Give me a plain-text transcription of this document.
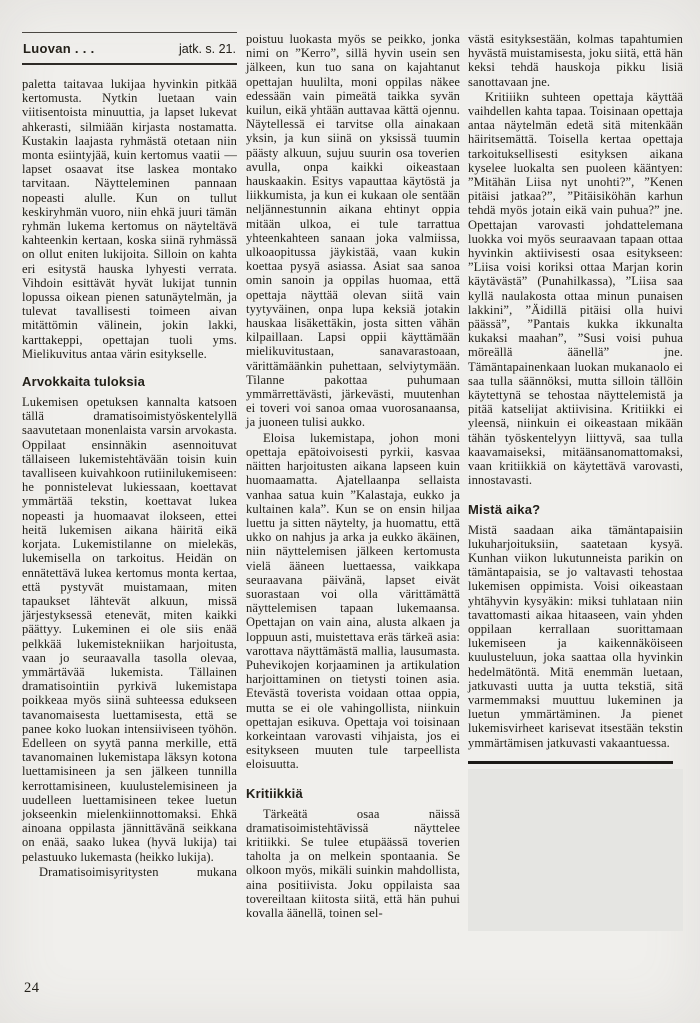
Luovan . . .	jatk. s. 21.

paletta taitavaa lukijaa hyvinkin pitkää kertomusta. Nytkin luetaan vain viitisentoista minuuttia, ja lapset lukevat ahkerasti, silmiään kirjasta nostamatta. Kustakin laajasta ryhmästä otetaan niin monta esiintyjää, kuin kertomus vaatii — lapset osaavat itse laskea montako tarvitaan. Näytteleminen pannaan nopeasti alulle. Kun on tullut keskiryhmän vuoro, niin ehkä juuri tämän ryhmän lukema kertomus on näyteltävä kahteenkin kertaan, koska siinä ryhmässä on ollut eniten lukijoita. Silloin on kahta eri esitystä hauska lyhyesti verrata. Vihdoin esittävät hyvät lukijat tunnin lopussa oikean pienen satunäytelmän, ja tulevat tavallisesti toimeen aivan mitättömin välinein, jokin lakki, karttakeppi, opettajan tuoli yms. Mielikuvitus antaa värin esitykselle.

Arvokkaita tuloksia

Lukemisen opetuksen kannalta katsoen tällä dramatisoimistyöskentelyllä saavutetaan monenlaista varsin arvokasta. Oppilaat ensinnäkin asennoituvat tällaiseen lukemistehtävään toisin kuin tavalliseen kuivahkoon rutiinilukemiseen: he ponnistelevat lukiessaan, koettavat ymmärtää tekstin, koettavat lukea nopeasti ja huomaavat ilokseen, ettei heitä lukemisen aikana häiritä eikä korjata. Lukemistilanne on mielekäs, lukemisella on tarkoitus. Heidän on ennätettävä lukea kertomus monta kertaa, että pystyvät muistamaan, miten tapaukset lähtevät alkuun, missä järjestyksessä etenevät, miten kaikki päättyy. Lukeminen ei ole siis enää pelkkää lukemistekniikan harjoitusta, vaan jo seuraavalla tasolla olevaa, ymmärtävää lukemista. Tällainen dramatisointiin pyrkivä lukemistapa poikkeaa myös siinä suhteessa edukseen tavanomaisesta luettamisesta, että se panee koko luokan intensiiviseen työhön. Edelleen on syytä panna merkille, että tavanomainen lukemistapa läksyn kotona luettamisineen ja sen jälkeen tunnilla kerrottamisineen, kuulustelemisineen ja uudelleen luettamisineen tekee luetun jokseenkin mielenkiinnottomaksi. Ehkä ainoana oppilasta jännittävänä seikkana on enää, saako lukea (hyvä lukija) tai pelastuuko lukemasta (heikko lukija).

Dramatisoimisyritysten mukana

poistuu luokasta myös se peikko, jonka nimi on ”Kerro”, sillä hyvin usein sen jälkeen, kun tuo sana on kajahtanut opettajan huulilta, moni oppilas näkee edessään vain pimeätä taikka syvän kuilun, eikä yhtään auttavaa kättä ojennu. Näytellessä ei tarvitse olla ainakaan yksin, ja kun siinä on yksissä tuumin päästy alkuun, sujuu suurin osa toverien avulla, onpa kaikki oikeastaan hauskaakin. Esitys vapauttaa käytöstä ja liikkumista, ja kun ei kukaan ole sentään neljännestunnin aikana ehtinyt oppia mitään ulkoa, ei tule tarrattua yhteenkahteen sanaan joka valmiissa, ulkoaopitussa jäykistää, vaan kukin koettaa pysyä asiassa. Asiat saa sanoa omin sanoin ja oppilas huomaa, että opettaja näyttää olevan siitä vain tyytyväinen, onpa lupa keksiä jotakin hauskaa lisäkettäkin, josta sitten vähän kilpaillaan. Lapsi oppii käyttämään mielikuvitustaan, sanavarastoaan, värittämäänkin puhettaan, selviytymään. Tilanne pakottaa puhumaan ymmärrettävästi, järkevästi, muutenhan ei toveri voi sanoa omaa vuorosanaansa, ja juoneen tulisi aukko.

Eloisa lukemistapa, johon moni opettaja epätoivoisesti pyrkii, kasvaa näitten harjoitusten aikana lapseen kuin huomaamatta. Ajatellaanpa sellaista vanhaa satua kuin ”Kalastaja, eukko ja kultainen kala”. Kun se on ensin hiljaa luettu ja sitten näytelty, ja huomattu, että ukko on nahjus ja arka ja eukko äkäinen, niin näyttelemisen jälkeen kertomusta vielä ääneen luettaessa, vaikkapa seuraavana päivänä, lapset eivät suorastaan voi olla värittämättä näyttelemisen tapaan lukemaansa. Opettajan on vain aina, alusta alkaen ja loppuun asti, muistettava eräs tärkeä asia: varottava näyttämästä mallia, lausumasta. Puhevikojen korjaaminen ja artikulation harjoittaminen on tietysti toinen asia. Etevästä toverista voidaan ottaa oppia, mutta se ei ole vahingollista, niinkuin opettajan esikuva. Opettaja voi toisinaan korkeintaan varovasti vihjaista, jos ei esitykseen muuten tule tarpeellista eloisuutta.

Kritiikkiä

Tärkeätä osaa näissä dramatisoimistehtävissä näyttelee kritiikki. Se tulee etupäässä toverien taholta ja on melkein spontaania. Se olkoon myös, mikäli suinkin mahdollista, aina positiivista. Joku oppilaista saa tovereiltaan kiitosta siitä, että hän puhui kovalla äänellä, toinen sel-

västä esityksestään, kolmas tapahtumien hyvästä muistamisesta, joku siitä, että hän keksi tehdä hauskoja pikku lisiä sanottavaan jne.

Kritiiikn suhteen opettaja käyttää vaihdellen kahta tapaa. Toisinaan opettaja antaa näytelmän edetä sitä mitenkään häiritsemättä. Toisella kertaa opettaja tarkoituksellisesti esityksen aikana kyselee luokalta sen puoleen kääntyen: ”Mitähän Liisa nyt unohti?”, ”Kenen pitäisi jatkaa?”, ”Pitäisiköhän karhun tehdä myös jotain eikä vain puhua?” jne. Opettajan varovasti johdattelemana luokka voi myös seuraavaan tapaan ottaa hyvinkin aktiivisesti osaa esitykseen: ”Liisa voisi koriksi ottaa Marjan korin käytävästä” (Punahilkassa), ”Liisa saa kyllä naulakosta ottaa minun punaisen lakkini”, ”Äidillä pitäisi olla huivi päässä”, ”Pantais kukka ikkunalta kukaksi maahan”, ”Susi voisi puhua möreällä äänellä” jne. Tämäntapainenkaan luokan mukanaolo ei saa tulla säännöksi, mutta silloin tällöin käytettynä se tehostaa näyttelemistä ja pitää katselijat aktiivisina. Kritiikki ei yleensä, niinkuin ei oikeastaan mikään tähän työskentelyyn liittyvä, saa tulla kaavamaiseksi, mitäänsanomattomaksi, vaan kritiikkiä on käytettävä varovasti, innostavasti.

Mistä aika?

Mistä saadaan aika tämäntapaisiin lukuharjoituksiin, saatetaan kysyä. Kunhan viikon lukutunneista parikin on tämäntapaisia, se jo valtavasti tehostaa lukemisen oppimista. Voisi oikeastaan yhtähyvin kysyäkin: miksi tuhlataan niin tavattomasti aikaa hitaaseen, vain yhden oppilaan kerrallaan suorittamaan lukemiseen ja kaikennäköiseen kuulusteluun, joka saattaa olla hyvinkin hedelmätöntä. Mitä enemmän luetaan, jatkuvasti uutta ja uutta tekstiä, sitä varmemmaksi muuttuu lukeminen ja luetun ymmärtäminen. Ja pienet lukemisvirheet karisevat itsestään tekstin ymmärtämisen jatkuvasti vakaantuessa.

24
